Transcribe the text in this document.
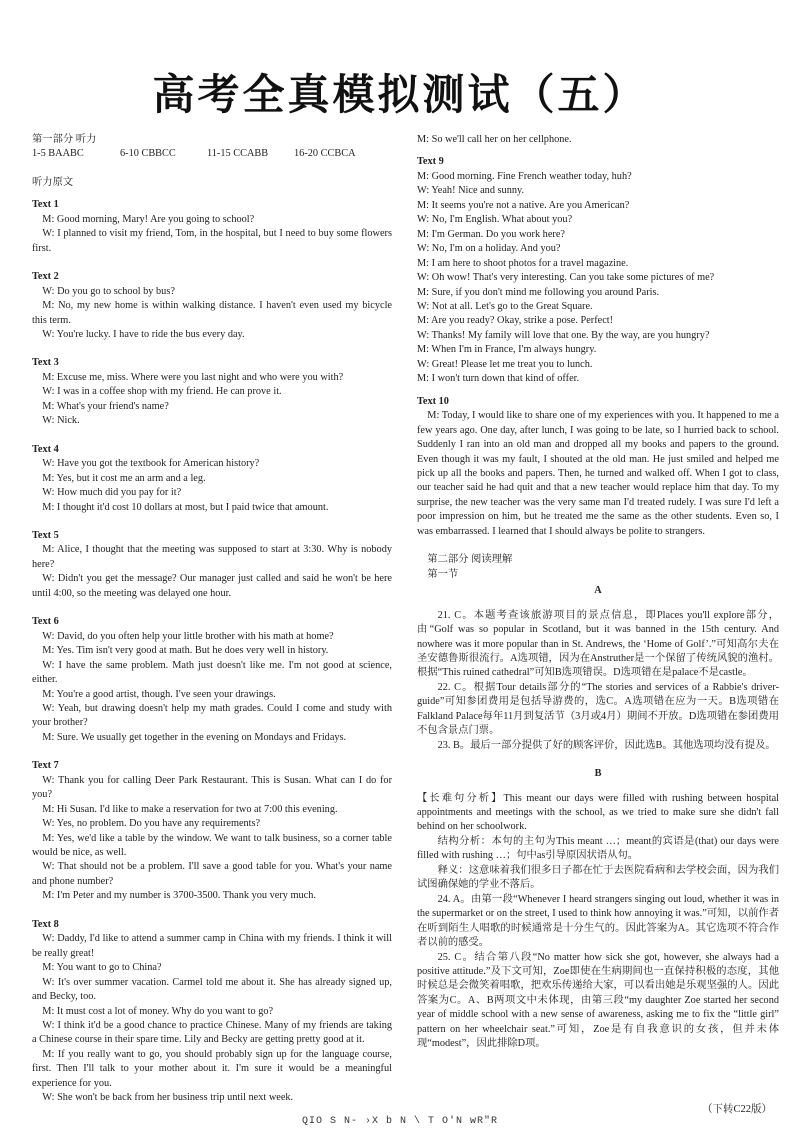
高考全真模拟测试（五）

第一部分 听力

1-5 BAABC	6-10 CBBCC	11-15 CCABB	16-20 CCBCA

听力原文

Text 1

M: Good morning, Mary! Are you going to school?

W: I planned to visit my friend, Tom, in the hospital, but I need to buy some flowers first.

Text 2

W: Do you go to school by bus?

M: No, my new home is within walking distance. I haven't even used my bicycle this term.

W: You're lucky. I have to ride the bus every day.

Text 3

M: Excuse me, miss. Where were you last night and who were you with?

W: I was in a coffee shop with my friend. He can prove it.

M: What's your friend's name?

W: Nick.

Text 4

W: Have you got the textbook for American history?

M: Yes, but it cost me an arm and a leg.

W: How much did you pay for it?

M: I thought it'd cost 10 dollars at most, but I paid twice that amount.

Text 5

M: Alice, I thought that the meeting was supposed to start at 3:30. Why is nobody here?

W: Didn't you get the message? Our manager just called and said he won't be here until 4:00, so the meeting was delayed one hour.

Text 6

W: David, do you often help your little brother with his math at home?

M: Yes. Tim isn't very good at math. But he does very well in history.

W: I have the same problem. Math just doesn't like me. I'm not good at science, either.

M: You're a good artist, though. I've seen your drawings.

W: Yeah, but drawing doesn't help my math grades. Could I come and study with your brother?

M: Sure. We usually get together in the evening on Mondays and Fridays.

Text 7

W: Thank you for calling Deer Park Restaurant. This is Susan. What can I do for you?

M: Hi Susan. I'd like to make a reservation for two at 7:00 this evening.

W: Yes, no problem. Do you have any requirements?

M: Yes, we'd like a table by the window. We want to talk business, so a corner table would be nice, as well.

W: That should not be a problem. I'll save a good table for you. What's your name and phone number?

M: I'm Peter and my number is 3700-3500. Thank you very much.

Text 8

W: Daddy, I'd like to attend a summer camp in China with my friends. I think it will be really great!

M: You want to go to China?

W: It's over summer vacation. Carmel told me about it. She has already signed up, and Becky, too.

M: It must cost a lot of money. Why do you want to go?

W: I think it'd be a good chance to practice Chinese. Many of my friends are taking a Chinese course in their spare time. Lily and Becky are getting pretty good at it.

M: If you really want to go, you should probably sign up for the language course, first. Then I'll talk to your mother about it. I'm sure it would be a meaningful experience for you.

W: She won't be back from her business trip until next week.

M: So we'll call her on her cellphone.

Text 9

M: Good morning. Fine French weather today, huh?

W: Yeah! Nice and sunny.

M: It seems you're not a native. Are you American?

W: No, I'm English. What about you?

M: I'm German. Do you work here?

W: No, I'm on a holiday. And you?

M: I am here to shoot photos for a travel magazine.

W: Oh wow! That's very interesting. Can you take some pictures of me?

M: Sure, if you don't mind me following you around Paris.

W: Not at all. Let's go to the Great Square.

M: Are you ready? Okay, strike a pose. Perfect!

W: Thanks! My family will love that one. By the way, are you hungry?

M: When I'm in France, I'm always hungry.

W: Great! Please let me treat you to lunch.

M: I won't turn down that kind of offer.

Text 10

M: Today, I would like to share one of my experiences with you. It happened to me a few years ago. One day, after lunch, I was going to be late, so I hurried back to school. Suddenly I ran into an old man and dropped all my books and papers to the ground. Even though it was my fault, I shouted at the old man. He just smiled and helped me pick up all the books and papers. Then, he turned and walked off. When I got to class, our teacher said he had quit and that a new teacher would replace him that day. To my surprise, the new teacher was the very same man I'd treated rudely. I was sure I'd left a poor impression on him, but he treated me the same as the other students. Even so, I was embarrassed. I learned that I should always be polite to strangers.

第二部分 阅读理解

第一节

A

21. C。本题考查该旅游项目的景点信息，即Places you'll explore部分，由“Golf was so popular in Scotland, but it was banned in the 15th century. And nowhere was it more popular than in St. Andrews, the ‘Home of Golf’.”可知高尔夫在圣安德鲁斯很流行。A选项错，因为在Anstruther是一个保留了传统风貌的渔村。根据“This ruined cathedral”可知B选项错误。D选项错在是palace不是castle。

22. C。根据Tour details部分的“The stories and services of a Rabbie's driver-guide”可知参团费用是包括导游费的，选C。A选项错在应为一天。B选项错在Falkland Palace每年11月到复活节（3月或4月）期间不开放。D选项错在参团费用不包含景点门票。

23. B。最后一部分提供了好的顾客评价，因此选B。其他选项均没有提及。

B

【长难句分析】This meant our days were filled with rushing between hospital appointments and meetings with the school, as we tried to make sure she didn't fall behind on her schoolwork.

结构分析：本句的主句为This meant …；meant的宾语是(that) our days were filled with rushing …；句中as引导原因状语从句。

释义：这意味着我们很多日子都在忙于去医院看病和去学校会面，因为我们试图确保她的学业不落后。

24. A。由第一段“Whenever I heard strangers singing out loud, whether it was in the supermarket or on the street, I used to think how annoying it was.”可知，以前作者在听到陌生人唱歌的时候通常是十分生气的。因此答案为A。其它选项不符合作者以前的感受。

25. C。结合第八段“No matter how sick she got, however, she always had a positive attitude.”及下文可知，Zoe即使在生病期间也一直保持积极的态度，其他时候总是会微笑着唱歌，把欢乐传递给大家，可以看出她是乐观坚强的人。因此答案为C。A、B两项文中未体现，由第三段“my daughter Zoe started her second year of middle school with a new sense of awareness, asking me to fix the “little girl” pattern on her wheelchair seat.”可知，Zoe是有自我意识的女孩，但并未体现“modest”，因此排除D项。

（下转C22版）
QIO S N- ›X b N \ T O'N wR"R
